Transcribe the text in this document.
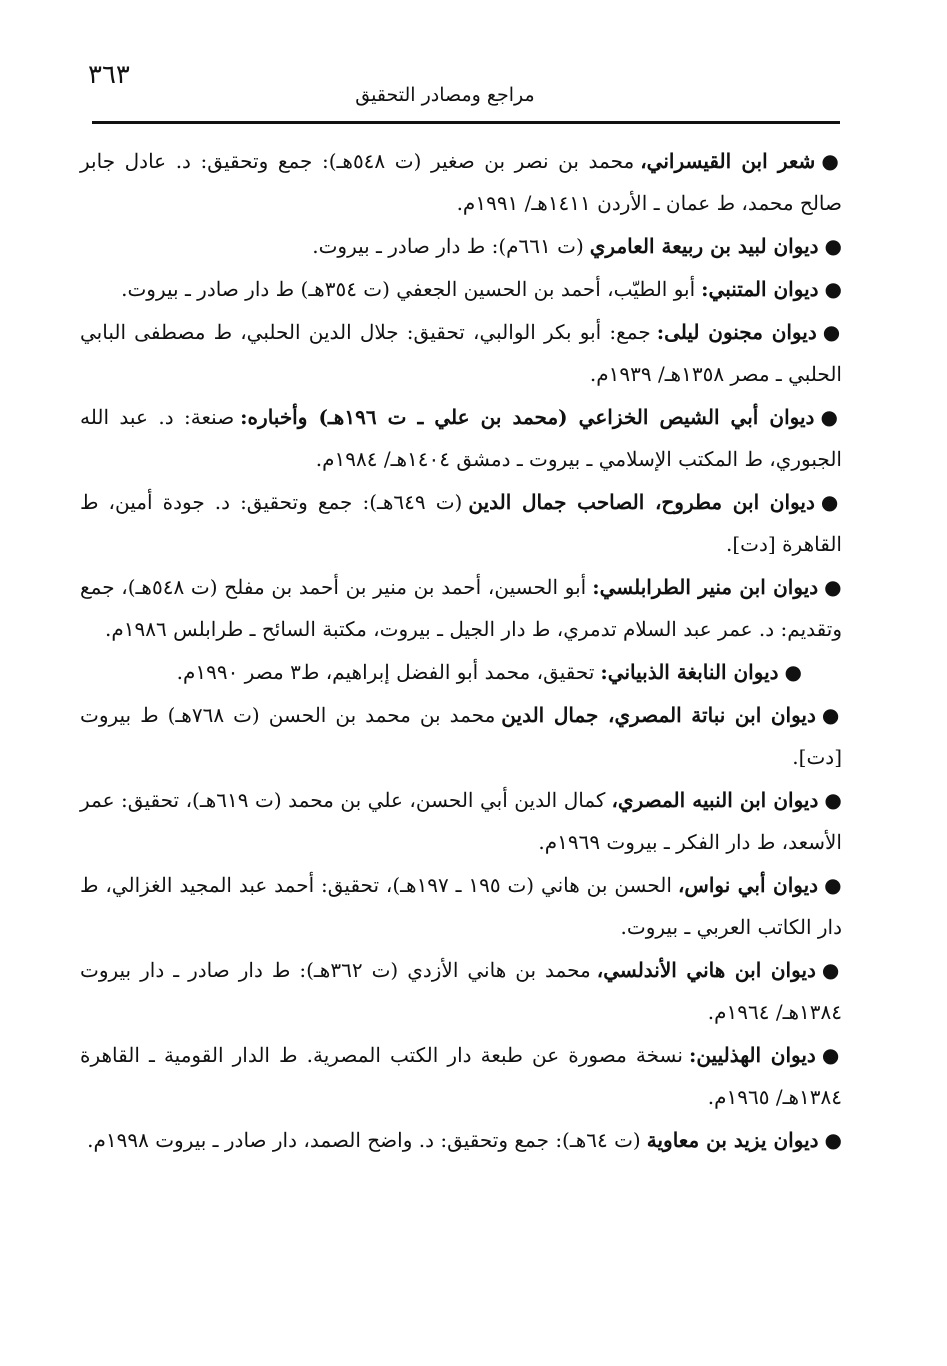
٣٦٣
مراجع ومصادر التحقيق

●شعر ابن القيسراني،محمد بن نصر بن صغير (ت ٥٤٨هـ): جمع وتحقيق: د. عادل جابر صالح محمد، ط عمان ـ الأردن ١٤١١هـ/ ١٩٩١م.

●ديوان لبيد بن ربيعة العامري(ت ٦٦١م): ط دار صادر ـ بيروت.

●ديوان المتنبي:أبو الطيّب، أحمد بن الحسين الجعفي (ت ٣٥٤هـ) ط دار صادر ـ بيروت.

●ديوان مجنون ليلى:جمع: أبو بكر الوالبي، تحقيق: جلال الدين الحلبي، ط مصطفى البابي الحلبي ـ مصر ١٣٥٨هـ/ ١٩٣٩م.

●ديوان أبي الشيص الخزاعي (محمد بن علي ـ ت ١٩٦هـ) وأخباره:صنعة: د. عبد الله الجبوري، ط المكتب الإسلامي ـ بيروت ـ دمشق ١٤٠٤هـ/ ١٩٨٤م.

●ديوان ابن مطروح، الصاحب جمال الدين(ت ٦٤٩هـ): جمع وتحقيق: د. جودة أمين، ط القاهرة [دت].

●ديوان ابن منير الطرابلسي:أبو الحسين، أحمد بن منير بن أحمد بن مفلح (ت ٥٤٨هـ)، جمع وتقديم: د. عمر عبد السلام تدمري، ط دار الجيل ـ بيروت، مكتبة السائح ـ طرابلس ١٩٨٦م.

●ديوان النابغة الذبياني:تحقيق، محمد أبو الفضل إبراهيم، ط٣ مصر ١٩٩٠م.

●ديوان ابن نباتة المصري، جمال الدينمحمد بن محمد بن الحسن (ت ٧٦٨هـ) ط بيروت [دت].

●ديوان ابن النبيه المصري،كمال الدين أبي الحسن، علي بن محمد (ت ٦١٩هـ)، تحقيق: عمر الأسعد، ط دار الفكر ـ بيروت ١٩٦٩م.

●ديوان أبي نواس،الحسن بن هاني (ت ١٩٥ ـ ١٩٧هـ)، تحقيق: أحمد عبد المجيد الغزالي، ط دار الكاتب العربي ـ بيروت.

●ديوان ابن هاني الأندلسي،محمد بن هاني الأزدي (ت ٣٦٢هـ): ط دار صادر ـ دار بيروت ١٣٨٤هـ/ ١٩٦٤م.

●ديوان الهذليين:نسخة مصورة عن طبعة دار الكتب المصرية. ط الدار القومية ـ القاهرة ١٣٨٤هـ/ ١٩٦٥م.

●ديوان يزيد بن معاوية(ت ٦٤هـ): جمع وتحقيق: د. واضح الصمد، دار صادر ـ بيروت ١٩٩٨م.
